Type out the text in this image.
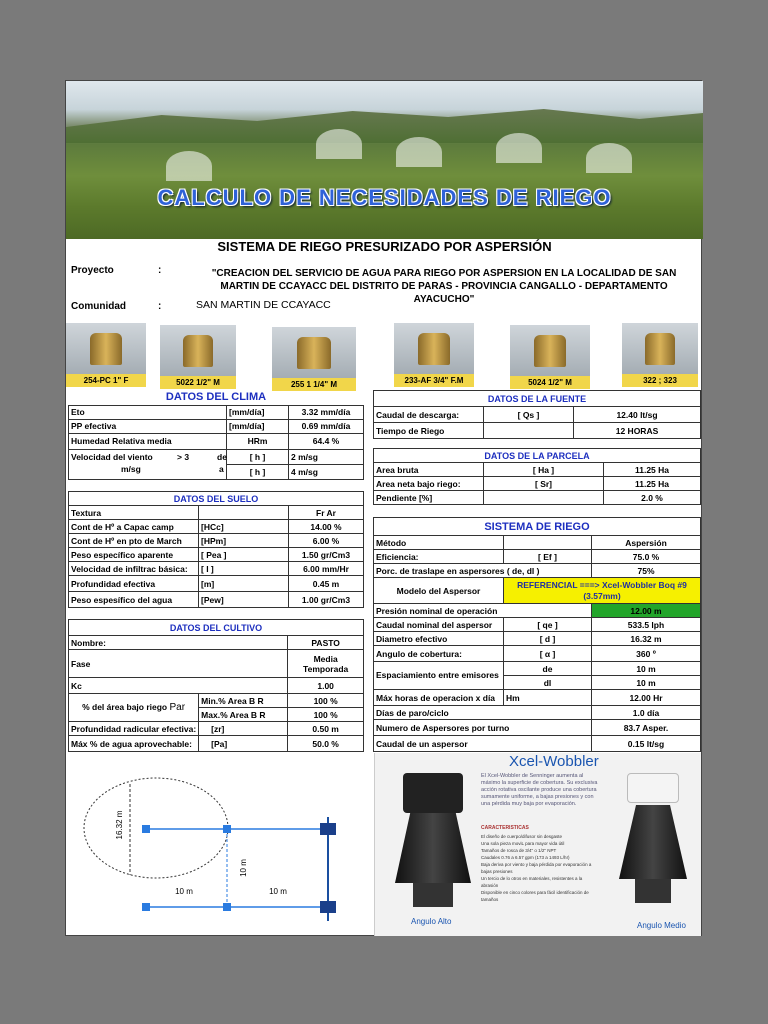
CALCULO DE NECESIDADES DE RIEGO
SISTEMA DE RIEGO PRESURIZADO POR ASPERSIÓN
Proyecto	:	"CREACION DEL SERVICIO DE AGUA PARA RIEGO POR ASPERSION EN LA LOCALIDAD DE SAN MARTIN DE CCAYACC DEL DISTRITO DE PARAS - PROVINCIA CANGALLO - DEPARTAMENTO AYACUCHO"
Comunidad	:	SAN MARTIN DE CCAYACC
254-PC 1" F	5022 1/2" M	255 1 1/4" M	233-AF 3/4" F.M	5024 1/2" M	322 ; 323
DATOS DEL CLIMA		
Eto	[mm/día]	3.32 mm/día
PP efectiva	[mm/día]	0.69 mm/día
Humedad Relativa media	HRm	64.4 %

Velocidad del viento > 3
m/sg
de
a	[ h ]	2 m/sg
	[ h ]	4 m/sg
DATOS DEL SUELO		
Textura		Fr Ar
Cont de Hº a Capac camp	[HCc]	14.00 %
Cont de Hº en pto de March	[HPm]	6.00 %
Peso específico aparente	[ Pea ]	1.50 gr/Cm3
Velocidad de infiltrac básica:	[ I ]	6.00 mm/Hr
Profundidad efectiva	[m]	0.45 m
Peso espesífico del agua	[Pew]	1.00 gr/Cm3
DATOS DEL CULTIVO		
Nombre:		PASTO
Fase		Media Temporada
Kc		1.00
% del área bajo riego Par	Min.% Area B R	100 %
	Max.% Area B R	100 %
Profundidad radicular efectiva:	[zr]	0.50 m
Máx % de agua aprovechable:	[Pa]	50.0 %
DATOS DE LA FUENTE		
Caudal de descarga:	[ Qs ]	12.40 lt/sg
Tiempo de Riego		12 HORAS
DATOS DE LA PARCELA		
Area bruta	[ Ha ]	11.25 Ha
Area neta bajo riego:	[ Sr]	11.25 Ha
Pendiente [%]		2.0 %
SISTEMA DE RIEGO		
Método		Aspersión
Eficiencia:	[ Ef ]	75.0 %
Porc. de traslape en aspersores ( de, dl )		75%
Modelo del Aspersor	REFERENCIAL ===> Xcel-Wobbler Boq #9 (3.57mm)	
Presión nominal de operación		12.00 m
Caudal nominal del aspersor	[ qe ]	533.5 lph
Diametro efectivo	[ d ]	16.32 m
Angulo de cobertura:	[ α ]	360 º
Espaciamiento entre emisores	de	10 m
	dl	10 m
Máx horas de operacion x día	Hm	12.00 Hr
Días de paro/ciclo		1.0 día
Numero de Aspersores por turno		83.7 Asper.
Caudal de un aspersor		0.15 lt/sg
16.32 m
10 m
10 m	10 m
Angulo Alto
Xcel-Wobbler
El Xcel-Wobbler de Senninger aumenta al máximo la superficie de cobertura. Su exclusiva acción rotativa oscilante produce una cobertura sumamente uniforme, a bajas presiones y con una pérdida muy baja por evaporación.
CARACTERISTICAS
El diseño de cuerpo/difusor sin desgaste
Una sola pieza moviL para mayor vida útil
Tamaños de rosca de 3/4" o 1/2" NPT
Caudales 0.76 a 6.57 gpm (173 a 1493 L/hr)
Baja deriva por viento y baja pérdida por evaporación a bajas presiones
Un tercio de lo otros en materiales, resistentes a la abrasión
Disponible en cinco colores para fácil identificación de tamaños
Angulo Medio
